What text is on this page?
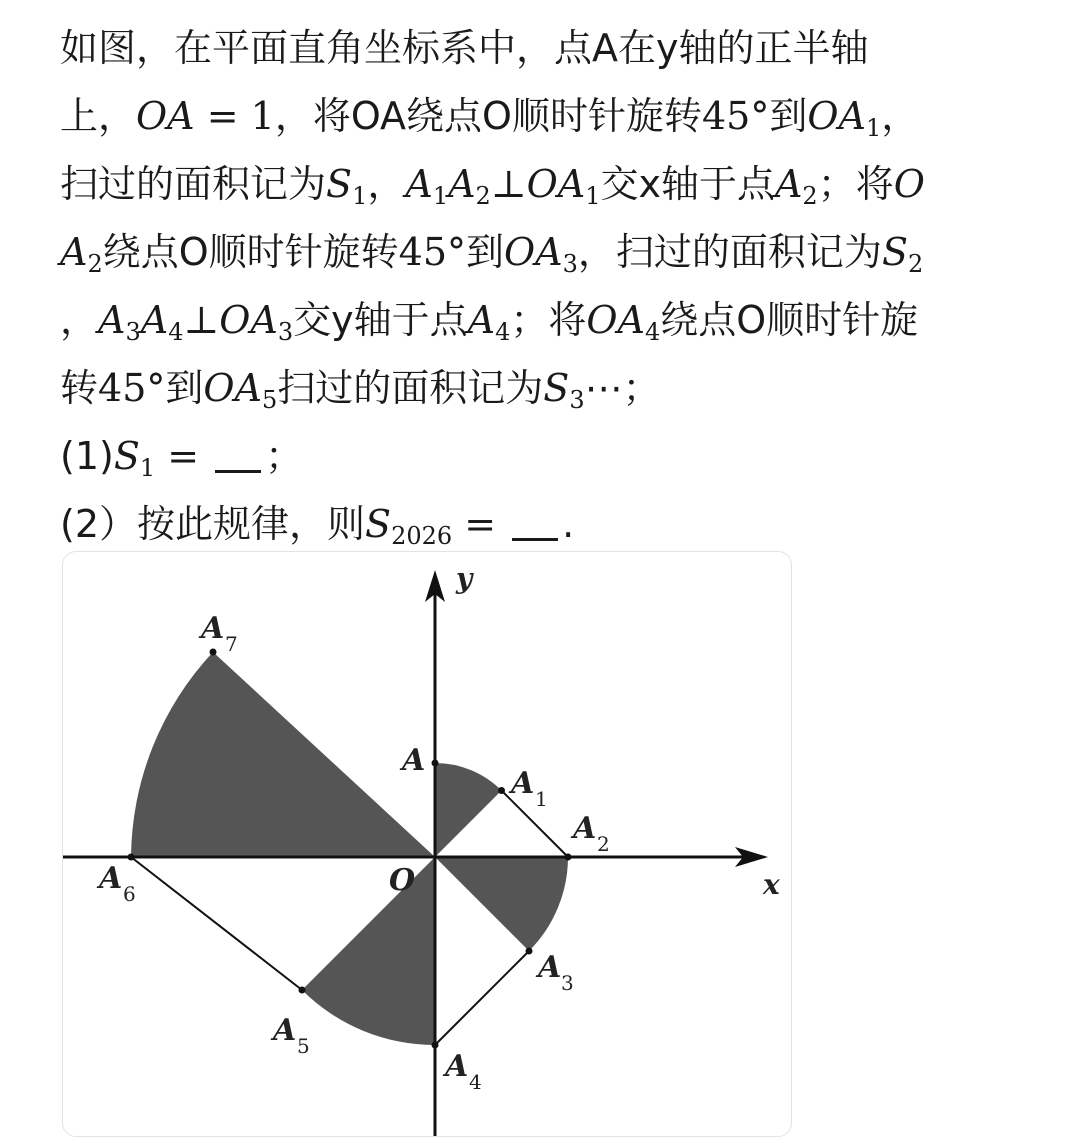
如图，在平面直角坐标系中，点A在y轴的正半轴
上，OA = 1，将OA绕点O顺时针旋转45°到$OA_1$，
扫过的面积记为$S_1$，$A_1A_2\perp OA_1$交x轴于点$A_2$；将O
$A_2$绕点O顺时针旋转45°到$OA_3$，扫过的面积记为$S_2$
，$A_3A_4\perp OA_3$交y轴于点$A_4$；将$OA_4$绕点O顺时针旋
转45°到$OA_5$扫过的面积记为$S_3\cdots$；
$(1)S_1$ = ；
(2）按此规律，则$S_{2026}$ = .
y
x
O
A
A 1
A 2
A 3
A 4
A 5
A 6
A 7
